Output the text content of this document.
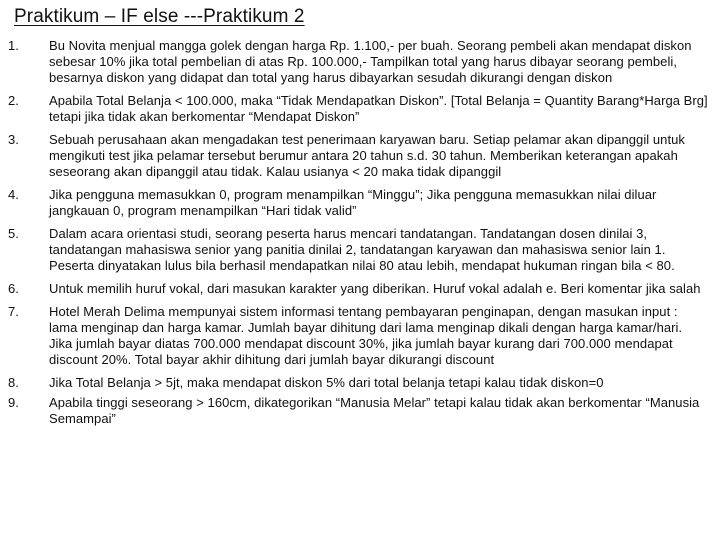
Praktikum – IF else ---Praktikum 2
1.	Bu Novita menjual mangga golek dengan harga Rp. 1.100,- per buah. Seorang pembeli akan mendapat diskon sebesar 10% jika total pembelian di atas Rp. 100.000,- Tampilkan total yang harus dibayar seorang pembeli, besarnya diskon yang didapat dan total yang harus dibayarkan sesudah dikurangi dengan diskon
2.	Apabila Total Belanja < 100.000, maka “Tidak Mendapatkan Diskon”. [Total Belanja = Quantity Barang*Harga Brg] tetapi jika tidak akan berkomentar “Mendapat Diskon”
3.	Sebuah perusahaan akan mengadakan test penerimaan karyawan baru. Setiap pelamar akan dipanggil untuk mengikuti test jika pelamar tersebut berumur antara 20 tahun s.d. 30 tahun. Memberikan keterangan apakah seseorang akan dipanggil atau tidak. Kalau usianya < 20 maka tidak dipanggil
4.	Jika pengguna memasukkan 0, program menampilkan “Minggu”; Jika pengguna memasukkan nilai diluar jangkauan 0, program menampilkan “Hari tidak valid”
5.	Dalam acara orientasi studi, seorang peserta harus mencari tandatangan. Tandatangan dosen dinilai 3, tandatangan mahasiswa senior yang panitia dinilai 2, tandatangan karyawan dan mahasiswa senior lain 1. Peserta dinyatakan lulus bila berhasil mendapatkan nilai 80 atau lebih, mendapat hukuman ringan bila < 80.
6.	Untuk memilih huruf vokal, dari masukan karakter yang diberikan. Huruf vokal adalah e. Beri komentar jika salah
7.	Hotel Merah Delima mempunyai sistem informasi tentang pembayaran penginapan, dengan masukan input : lama menginap dan harga kamar. Jumlah bayar dihitung dari lama menginap dikali dengan harga kamar/hari. Jika jumlah bayar diatas 700.000 mendapat discount 30%, jika jumlah bayar kurang dari 700.000 mendapat discount 20%. Total bayar akhir dihitung dari jumlah bayar dikurangi discount
8.	Jika Total Belanja > 5jt, maka mendapat diskon 5% dari total belanja tetapi kalau tidak diskon=0
9.	Apabila tinggi seseorang > 160cm, dikategorikan “Manusia Melar” tetapi kalau tidak akan berkomentar “Manusia Semampai”
